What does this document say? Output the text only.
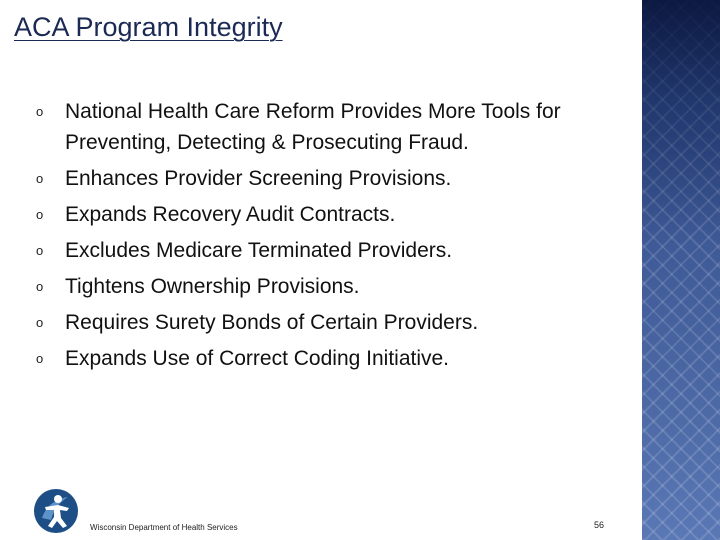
ACA Program Integrity
o National Health Care Reform Provides More Tools for Preventing, Detecting & Prosecuting Fraud.
o Enhances Provider Screening Provisions.
o Expands Recovery Audit Contracts.
o Excludes Medicare Terminated Providers.
o Tightens Ownership Provisions.
o Requires Surety Bonds of Certain Providers.
o Expands Use of Correct Coding Initiative.
Wisconsin Department of Health Services	56
